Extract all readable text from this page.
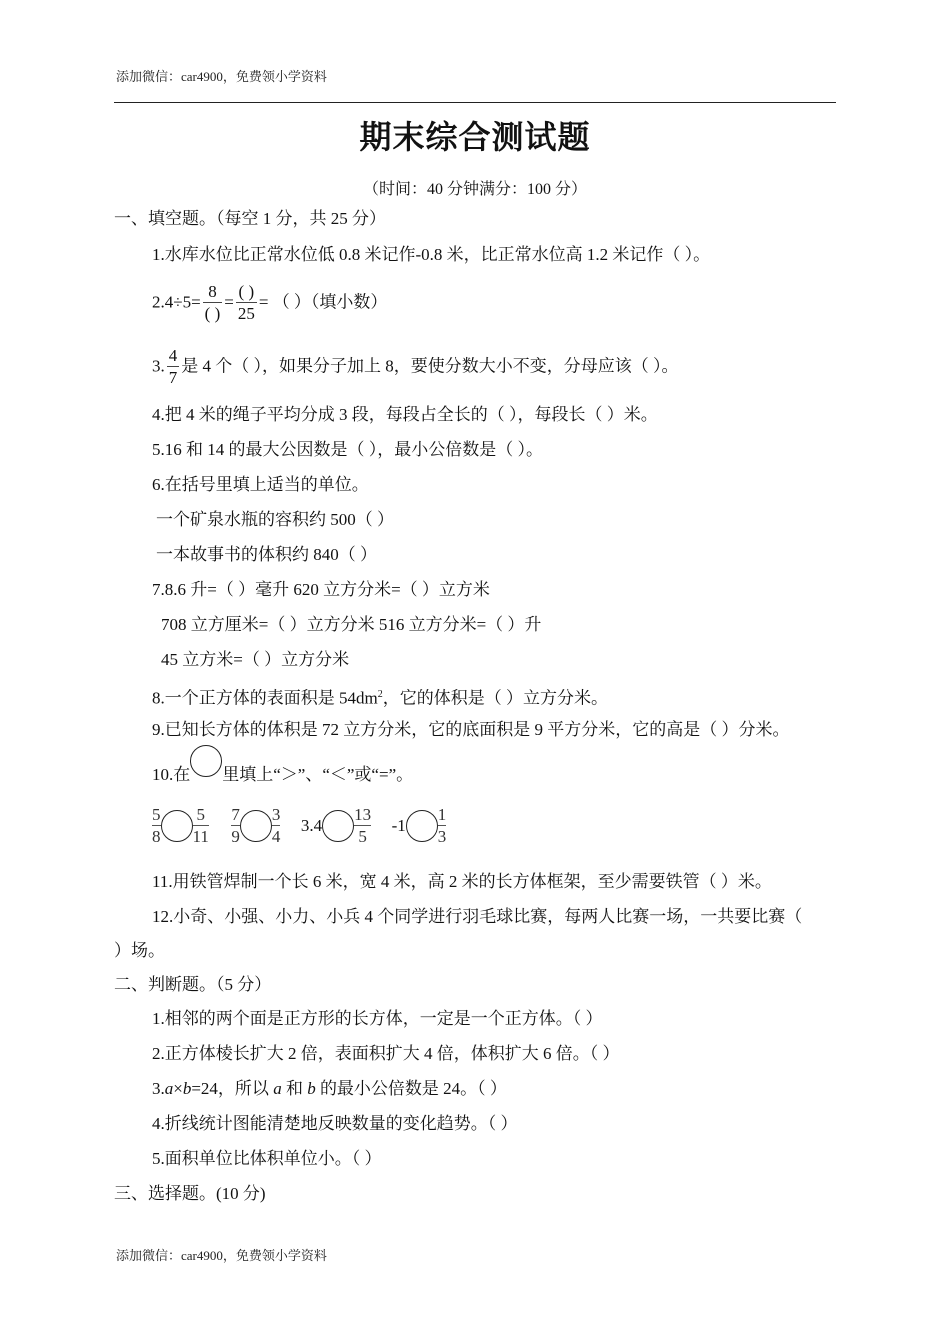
添加微信：car4900，免费领小学资料
期末综合测试题
（时间：40 分钟满分：100 分）
一、填空题。（每空 1 分，共 25 分）
1.水库水位比正常水位低 0.8 米记作-0.8 米，比正常水位高 1.2 米记作（ ）。
$2.4\div 5= \frac{8}{( )} = \frac{( )}{25}$ = （ ）（填小数）
3. $\frac{4}{7}$ 是 4 个（ ），如果分子加上 8，要使分数大小不变，分母应该（ ）。
4.把 4 米的绳子平均分成 3 段，每段占全长的（ ），每段长（ ）米。
5.16 和 14 的最大公因数是（ ），最小公倍数是（ ）。
6.在括号里填上适当的单位。
一个矿泉水瓶的容积约 500（ ）
一本故事书的体积约 840（ ）
7.8.6 升=（ ）毫升 620 立方分米=（ ）立方米
708 立方厘米=（ ）立方分米 516 立方分米=（ ）升
45 立方米=（ ）立方分米
8.一个正方体的表面积是 $54dm^2$，它的体积是（ ）立方分米。
9.已知长方体的体积是 72 立方分米，它的底面积是 9 平方分米，它的高是（ ）分米。
10.在 里填上“＞”、“＜”或“=”。
$\frac{5}{8} \frac{5}{11} \frac{7}{9} \frac{3}{4} 3.4 \frac{13}{5} -1 \frac{1}{3}$
11.用铁管焊制一个长 6 米，宽 4 米，高 2 米的长方体框架，至少需要铁管（ ）米。
12.小奇、小强、小力、小兵 4 个同学进行羽毛球比赛，每两人比赛一场，一共要比赛（
）场。
二、判断题。（5 分）
1.相邻的两个面是正方形的长方体，一定是一个正方体。（ ）
2.正方体棱长扩大 2 倍，表面积扩大 4 倍，体积扩大 6 倍。（ ）
3.a×b=24，所以 a 和 b 的最小公倍数是 24。（ ）
4.折线统计图能清楚地反映数量的变化趋势。（ ）
5.面积单位比体积单位小。（ ）
三、选择题。(10 分)
添加微信：car4900，免费领小学资料
